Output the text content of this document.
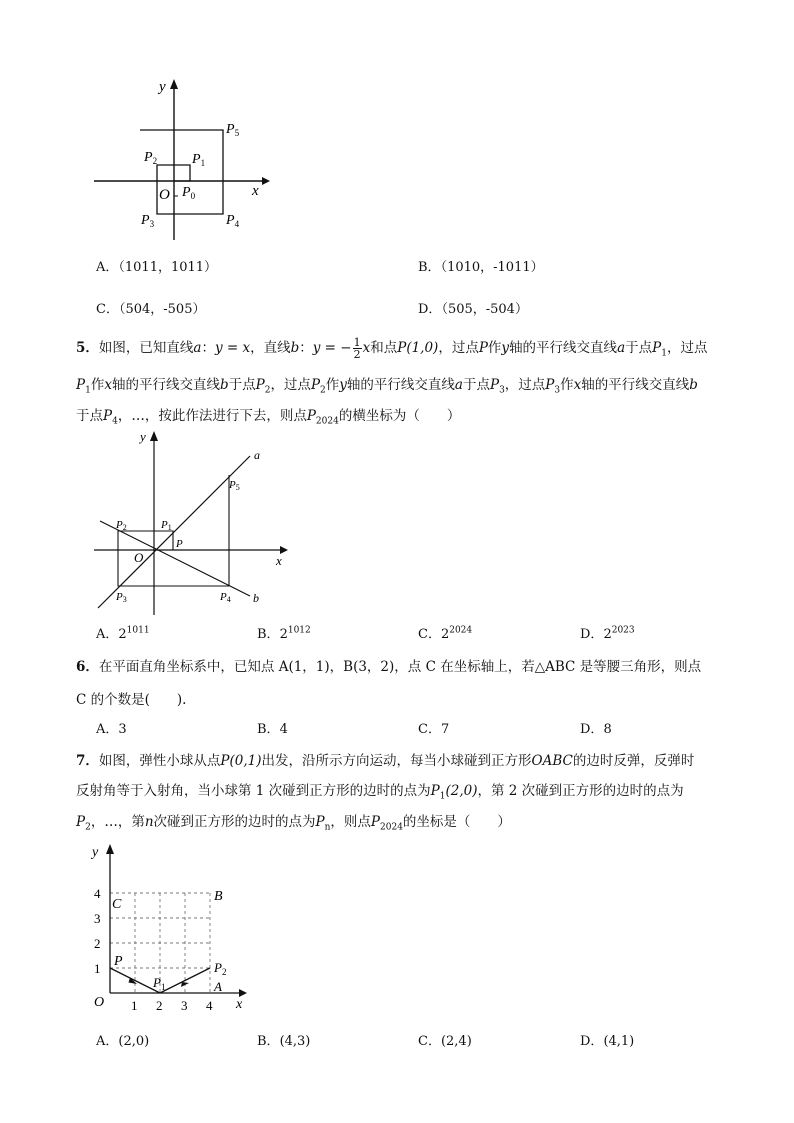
y
x
O $P_0$
$P_1$
$P_2$
$P_3$	$P_4$
$P_5$
A．（1011，1011）	B．（1010，-1011）
C．（504，-505）	D．（505，-504）
5．如图，已知直线a：y = x，直线b：y = − $\frac{1}{2}$ x和点P(1,0)，过点P作y轴的平行线交直线a于点$P_1$，过点
$P_1$作x轴的平行线交直线b于点$P_2$，过点$P_2$作y轴的平行线交直线a于点$P_3$，过点$P_3$作x轴的平行线交直线b
于点$P_4$，…，按此作法进行下去，则点$P_{2024}$的横坐标为（　　）
y
x
O
a
b
P
P1
P2
P3	P4
P5
A．$2^{1011}$	B．$2^{1012}$	C．$2^{2024}$	D．$2^{2023}$
6．在平面直角坐标系中，已知点 A(1，1)，B(3，2)，点 C 在坐标轴上，若△ABC 是等腰三角形，则点
C 的个数是(　　).
A．3	B．4	C．7	D．8
7．如图，弹性小球从点P(0,1)出发，沿所示方向运动，每当小球碰到正方形OABC的边时反弹，反弹时
反射角等于入射角，当小球第 1 次碰到正方形的边时的点为$P_1(2,0)$，第 2 次碰到正方形的边时的点为
$P_2$，…，第n次碰到正方形的边时的点为$P_n$，则点$P_{2024}$的坐标是（　　）
y
x
O
B
C
A
P
$P_1$
$P_2$
1 2 3 4
1
2
3
4
A．(2,0)	B．(4,3)	C．(2,4)	D．(4,1)
